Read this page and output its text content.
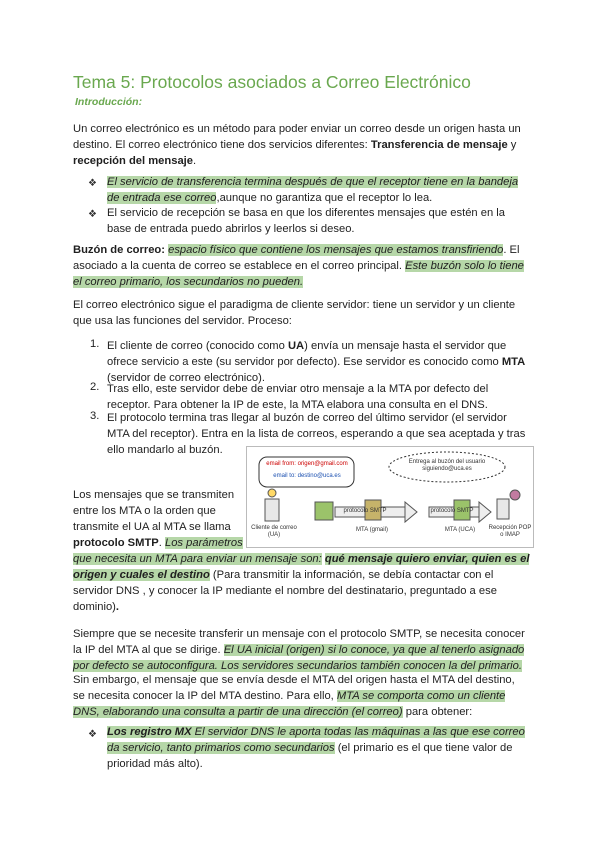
Tema 5: Protocolos asociados a Correo Electrónico
Introducción:

Un correo electrónico es un método para poder enviar un correo desde un origen hasta un destino. El correo electrónico tiene dos servicios diferentes: Transferencia de mensaje y recepción del mensaje.

❖ El servicio de transferencia termina después de que el receptor tiene en la bandeja de entrada ese correo,aunque no garantiza que el receptor lo lea.

❖ El servicio de recepción se basa en que los diferentes mensajes que estén en la base de entrada puedo abrirlos y leerlos si deseo.

Buzón de correo: espacio físico que contiene los mensajes que estamos transfiriendo. El asociado a la cuenta de correo se establece en el correo principal. Este buzón solo lo tiene el correo primario, los secundarios no pueden.

El correo electrónico sigue el paradigma de cliente servidor: tiene un servidor y un cliente que usa las funciones del servidor. Proceso:

1. El cliente de correo (conocido como UA) envía un mensaje hasta el servidor que ofrece servicio a este (su servidor por defecto). Ese servidor es conocido como MTA (servidor de correo electrónico).

2. Tras ello, este servidor debe de enviar otro mensaje a la MTA por defecto del receptor. Para obtener la IP de este, la MTA elabora una consulta en el DNS.

3. El protocolo termina tras llegar al buzón de correo del último servidor (el servidor MTA del receptor). Entra en la lista de correos, esperando a que sea aceptada y tras ello mandarlo al buzón.

email from: origen@gmail.com
email to: destino@uca.es
Entrega al buzón del usuario siguiendo@uca.es
protocolo SMTP	protocolo SMTP
Cliente de correo (UA)
MTA (gmail)	MTA (UCA)	Recepción POP o IMAP

Los mensajes que se transmiten

entre los MTA o la orden que

transmite el UA al MTA se llama

protocolo SMTP. Los parámetros

que necesita un MTA para enviar un mensaje son: qué mensaje quiero enviar, quien es el

origen y cuales el destino (Para transmitir la información, se debía contactar con el

servidor DNS , y conocer la IP mediante el nombre del destinatario, preguntado a ese

dominio).

Siempre que se necesite transferir un mensaje con el protocolo SMTP, se necesita conocer la IP del MTA al que se dirige. El UA inicial (origen) si lo conoce, ya que al tenerlo asignado por defecto se autoconfigura. Los servidores secundarios también conocen la del primario.

Sin embargo, el mensaje que se envía desde el MTA del origen hasta el MTA del destino, se necesita conocer la IP del MTA destino. Para ello, MTA se comporta como un cliente DNS, elaborando una consulta a partir de una dirección (el correo) para obtener:

❖ Los registro MX El servidor DNS le aporta todas las máquinas a las que ese correo da servicio, tanto primarios como secundarios (el primario es el que tiene valor de prioridad más alto).
